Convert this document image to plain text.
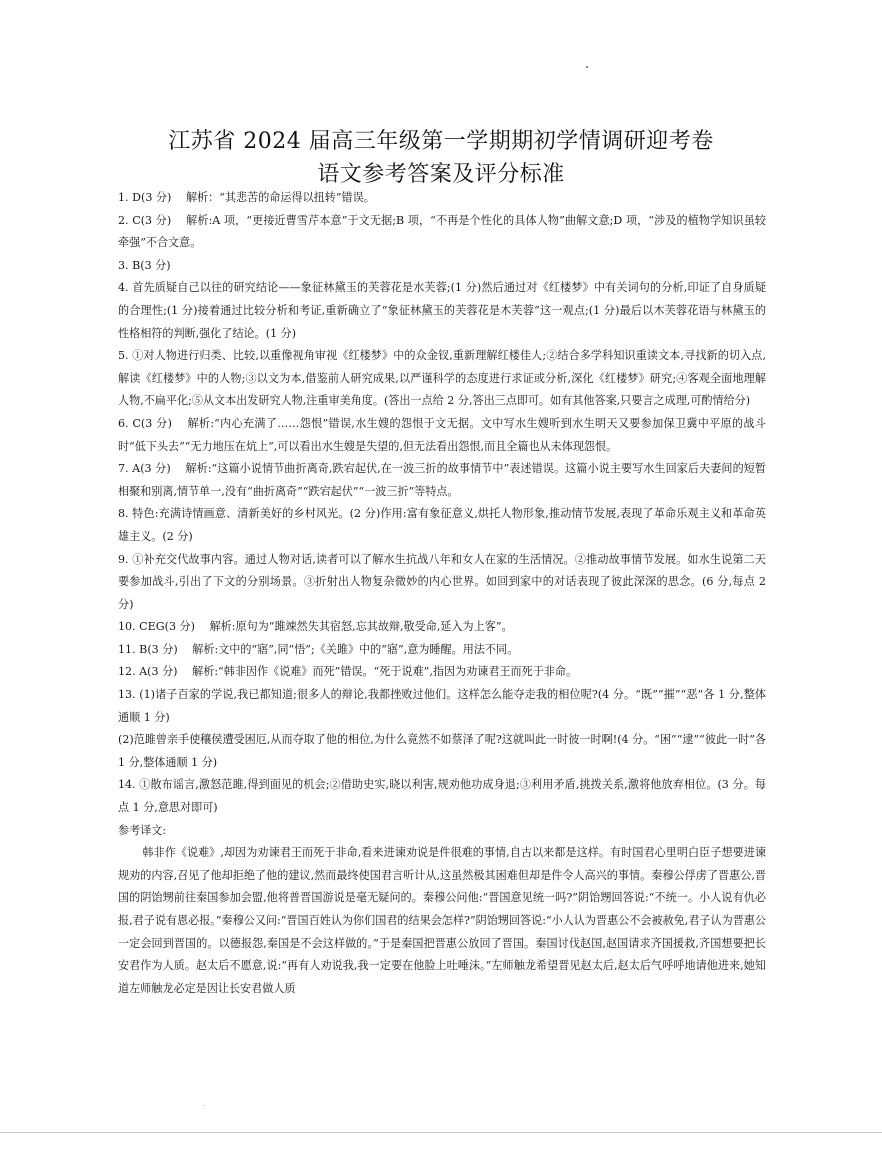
江苏省 2024 届高三年级第一学期期初学情调研迎考卷
语文参考答案及评分标准

1. D(3 分)　 解析：“其悲苦的命运得以扭转”错误。

2. C(3 分)　 解析:A 项，“更接近曹雪芹本意”于文无据;B 项，“不再是个性化的具体人物”曲解文意;D 项，“涉及的植物学知识虽较牵强”不合文意。

3. B(3 分)

4. 首先质疑自己以往的研究结论——象征林黛玉的芙蓉花是水芙蓉;(1 分)然后通过对《红楼梦》中有关词句的分析,印证了自身质疑的合理性;(1 分)接着通过比较分析和考证,重新确立了“象征林黛玉的芙蓉花是木芙蓉”这一观点;(1 分)最后以木芙蓉花语与林黛玉的性格相符的判断,强化了结论。(1 分)

5. ①对人物进行归类、比较,以重像视角审视《红楼梦》中的众金钗,重新理解红楼佳人;②结合多学科知识重读文本,寻找新的切入点,解读《红楼梦》中的人物;③以文为本,借鉴前人研究成果,以严谨科学的态度进行求证或分析,深化《红楼梦》研究;④客观全面地理解人物,不扁平化;⑤从文本出发研究人物,注重审美角度。(答出一点给 2 分,答出三点即可。如有其他答案,只要言之成理,可酌情给分)

6. C(3 分)　 解析:“内心充满了……怨恨”错误,水生嫂的怨恨于文无据。文中写水生嫂听到水生明天又要参加保卫冀中平原的战斗时“低下头去”“无力地压在炕上”,可以看出水生嫂是失望的,但无法看出怨恨,而且全篇也从未体现怨恨。

7. A(3 分)　 解析:“这篇小说情节曲折离奇,跌宕起伏,在一波三折的故事情节中”表述错误。这篇小说主要写水生回家后夫妻间的短暂相聚和别离,情节单一,没有“曲折离奇”“跌宕起伏”“一波三折”等特点。

8. 特色:充满诗情画意、清新美好的乡村风光。(2 分)作用:富有象征意义,烘托人物形象,推动情节发展,表现了革命乐观主义和革命英雄主义。(2 分)

9. ①补充交代故事内容。通过人物对话,读者可以了解水生抗战八年和女人在家的生活情况。②推动故事情节发展。如水生说第二天要参加战斗,引出了下文的分别场景。③折射出人物复杂微妙的内心世界。如回到家中的对话表现了彼此深深的思念。(6 分,每点 2 分)

10. CEG(3 分)　 解析:原句为“雎竦然失其宿怒,忘其故辩,敬受命,延入为上客”。

11. B(3 分)　 解析:文中的“寤”,同“悟”;《关雎》中的“寤”,意为睡醒。用法不同。

12. A(3 分)　 解析:“韩非因作《说难》而死”错误。“死于说难”,指因为劝谏君王而死于非命。

13. (1)诸子百家的学说,我已都知道;很多人的辩论,我都挫败过他们。这样怎么能夺走我的相位呢?(4 分。“既”“摧”“恶”各 1 分,整体通顺 1 分)

(2)范雎曾亲手使穰侯遭受困厄,从而夺取了他的相位,为什么竟然不如蔡泽了呢?这就叫此一时彼一时啊!(4 分。“困”“逮”“彼此一时”各 1 分,整体通顺 1 分)

14. ①散布谣言,激怒范雎,得到面见的机会;②借助史实,晓以利害,规劝他功成身退;③利用矛盾,挑拨关系,激将他放弃相位。(3 分。每点 1 分,意思对即可)

参考译文:

韩非作《说难》,却因为劝谏君王而死于非命,看来进谏劝说是件很难的事情,自古以来都是这样。有时国君心里明白臣子想要进谏规劝的内容,召见了他却拒绝了他的建议,然而最终使国君言听计从,这虽然极其困难但却是件令人高兴的事情。秦穆公俘虏了晋惠公,晋国的阴饴甥前往秦国参加会盟,他将普晋国游说是毫无疑问的。秦穆公问他:“晋国意见统一吗?”阴饴甥回答说:“不统一。小人说有仇必报,君子说有恩必报。”秦穆公又问:“晋国百姓认为你们国君的结果会怎样?”阴饴甥回答说:“小人认为晋惠公不会被赦免,君子认为晋惠公一定会回到晋国的。以德报怨,秦国是不会这样做的。”于是秦国把晋惠公放回了晋国。秦国讨伐赵国,赵国请求齐国援救,齐国想要把长安君作为人质。赵太后不愿意,说:“再有人劝说我,我一定要在他脸上吐唾沫。”左师触龙希望晋见赵太后,赵太后气呼呼地请他进来,她知道左师触龙必定是因让长安君做人质
